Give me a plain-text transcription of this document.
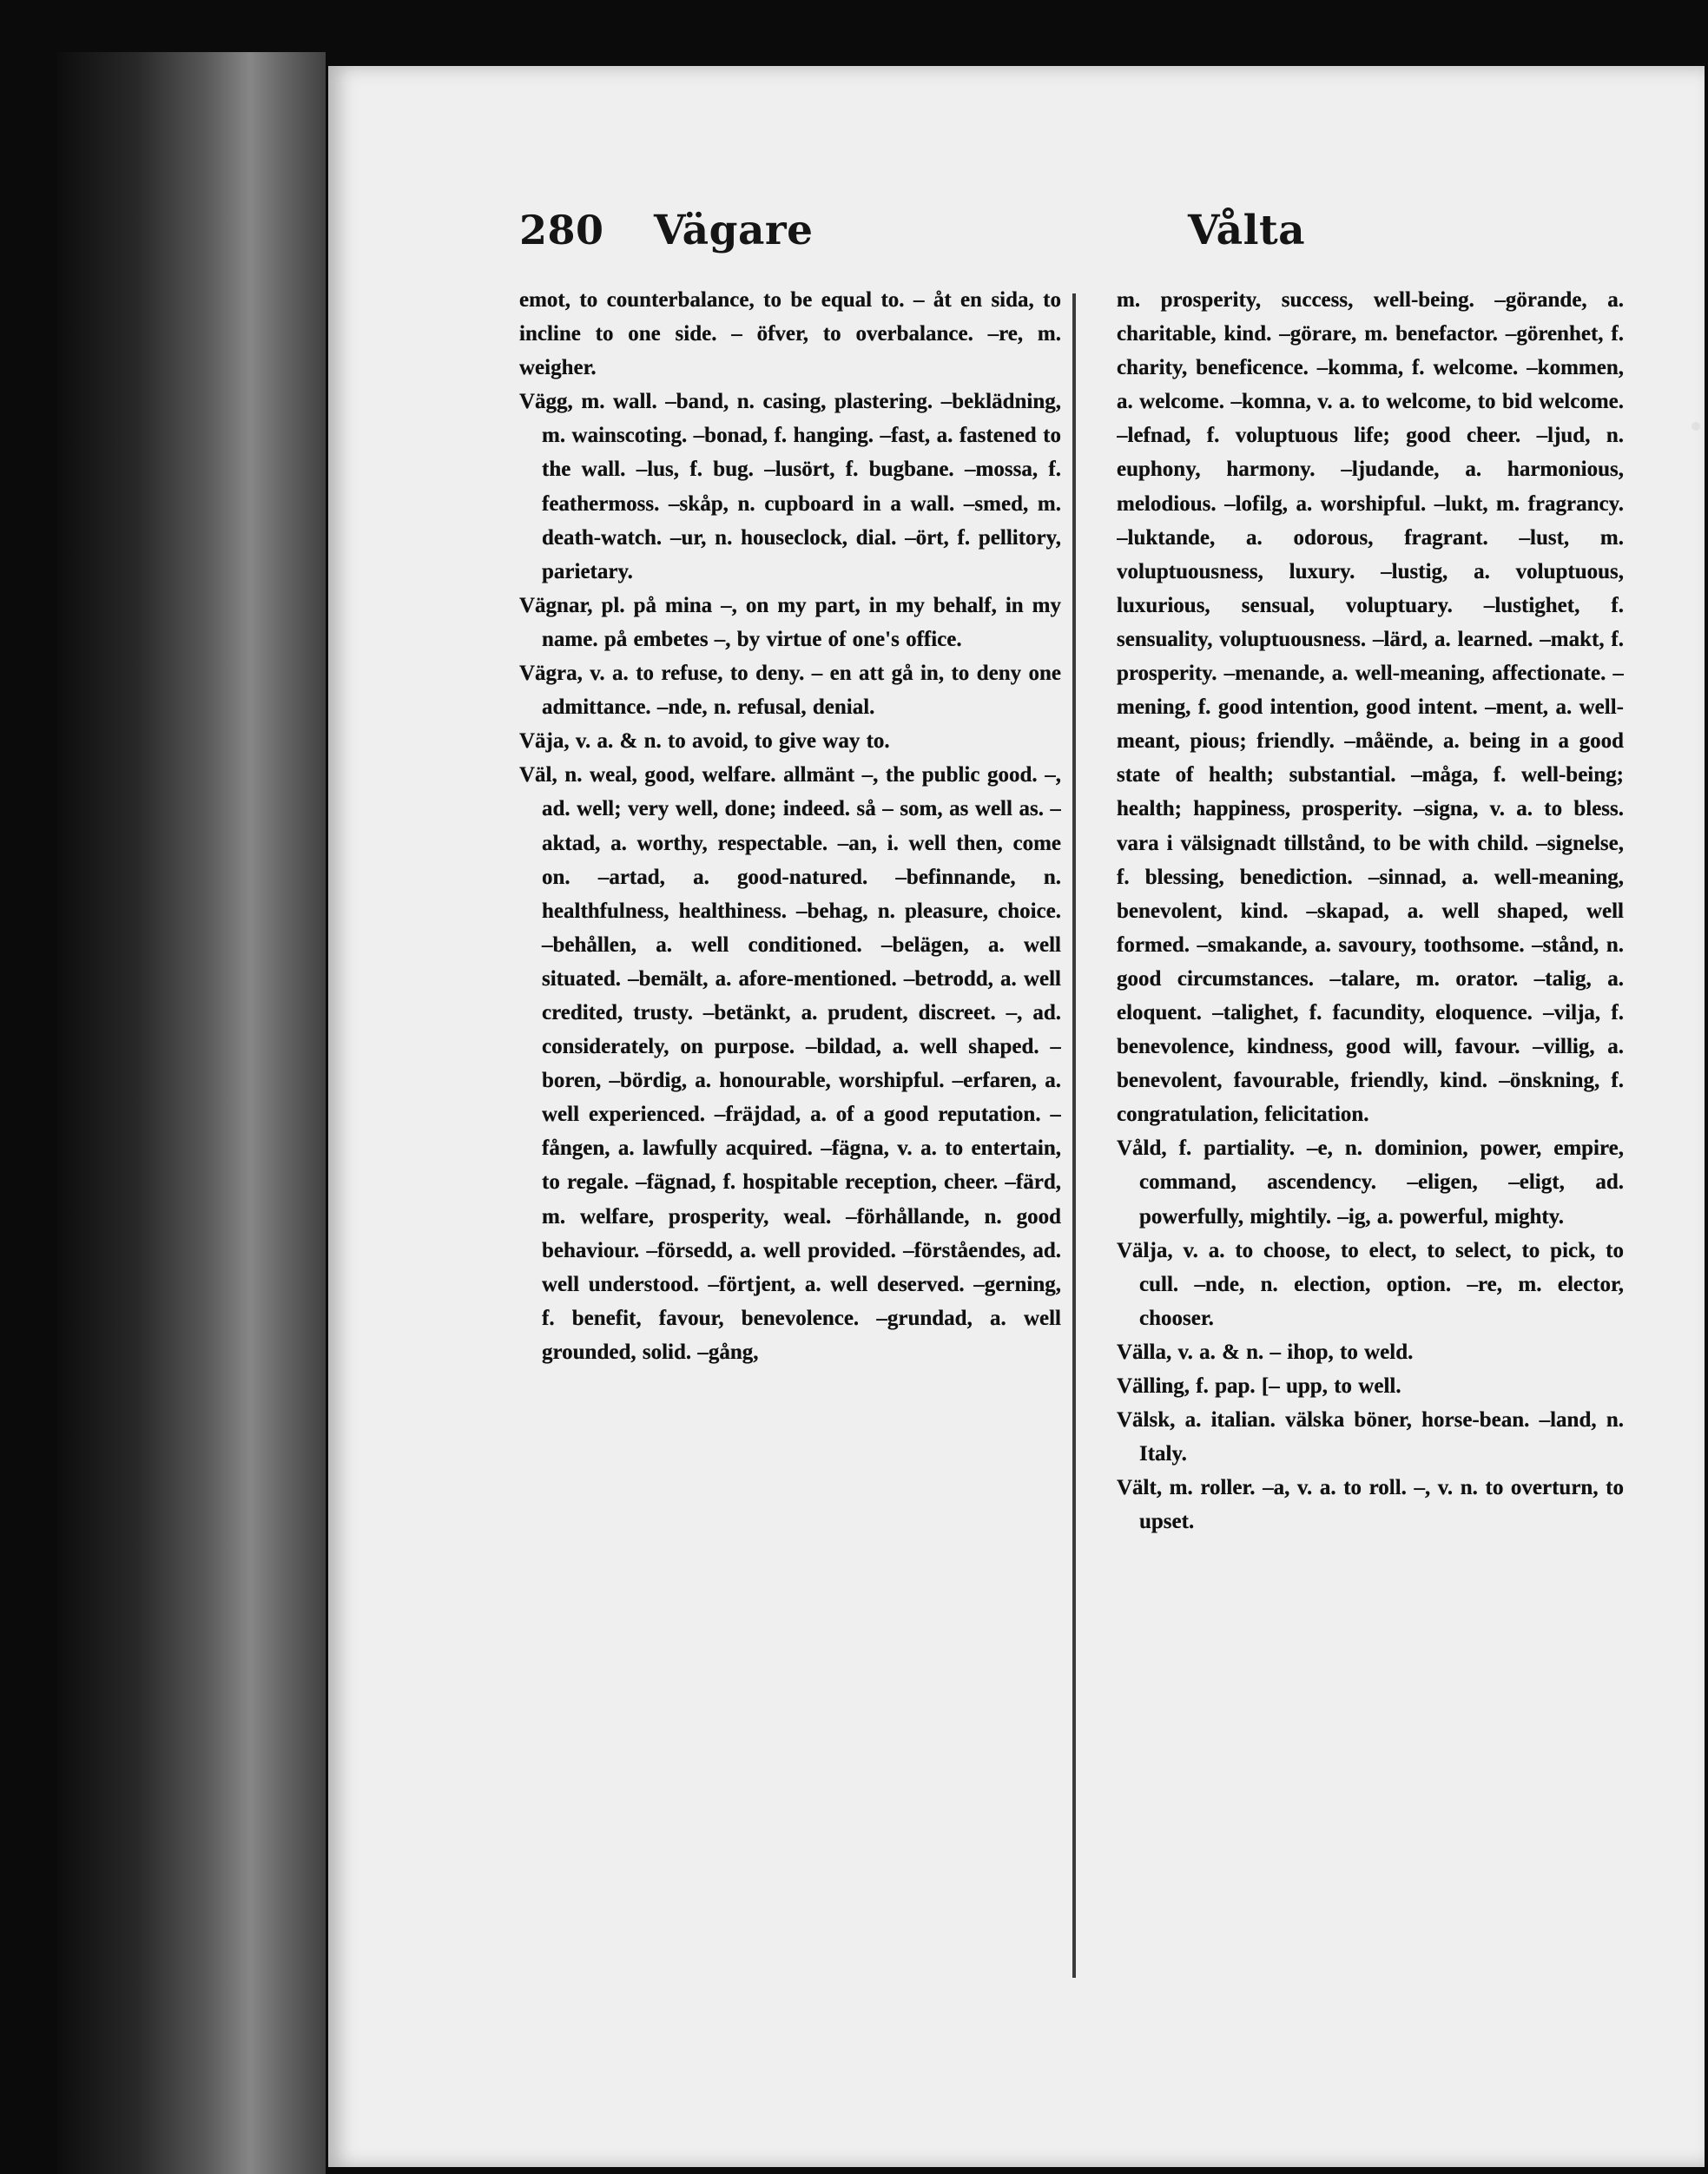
280	Vägare	Vålta

emot, to counterbalance, to be equal to. – åt en sida, to incline to one side. – öfver, to overbalance. –re, m. weigher.

Vägg, m. wall. –band, n. casing, plastering. –beklädning, m. wainscoting. –bonad, f. hanging. –fast, a. fastened to the wall. –lus, f. bug. –lusört, f. bugbane. –mossa, f. feathermoss. –skåp, n. cupboard in a wall. –smed, m. death-watch. –ur, n. houseclock, dial. –ört, f. pellitory, parietary.

Vägnar, pl. på mina –, on my part, in my behalf, in my name. på embetes –, by virtue of one's office.

Vägra, v. a. to refuse, to deny. – en att gå in, to deny one admittance. –nde, n. refusal, denial.

Väja, v. a. & n. to avoid, to give way to.

Väl, n. weal, good, welfare. allmänt –, the public good. –, ad. well; very well, done; indeed. så – som, as well as. –aktad, a. worthy, respectable. –an, i. well then, come on. –artad, a. good-natured. –befinnande, n. healthfulness, healthiness. –behag, n. pleasure, choice. –behållen, a. well conditioned. –belägen, a. well situated. –bemält, a. afore-mentioned. –betrodd, a. well credited, trusty. –betänkt, a. prudent, discreet. –, ad. considerately, on purpose. –bildad, a. well shaped. –boren, –bördig, a. honourable, worshipful. –erfaren, a. well experienced. –fräjdad, a. of a good reputation. –fången, a. lawfully acquired. –fägna, v. a. to entertain, to regale. –fägnad, f. hospitable reception, cheer. –färd, m. welfare, prosperity, weal. –förhållande, n. good behaviour. –försedd, a. well provided. –förståendes, ad. well understood. –förtjent, a. well deserved. –gerning, f. benefit, favour, benevolence. –grundad, a. well grounded, solid. –gång,

m. prosperity, success, well-being. –görande, a. charitable, kind. –görare, m. benefactor. –görenhet, f. charity, beneficence. –komma, f. welcome. –kommen, a. welcome. –komna, v. a. to welcome, to bid welcome. –lefnad, f. voluptuous life; good cheer. –ljud, n. euphony, harmony. –ljudande, a. harmonious, melodious. –lofilg, a. worshipful. –lukt, m. fragrancy. –luktande, a. odorous, fragrant. –lust, m. voluptuousness, luxury. –lustig, a. voluptuous, luxurious, sensual, voluptuary. –lustighet, f. sensuality, voluptuousness. –lärd, a. learned. –makt, f. prosperity. –menande, a. well-meaning, affectionate. –mening, f. good intention, good intent. –ment, a. well-meant, pious; friendly. –måënde, a. being in a good state of health; substantial. –måga, f. well-being; health; happiness, prosperity. –signa, v. a. to bless. vara i välsignadt tillstånd, to be with child. –signelse, f. blessing, benediction. –sinnad, a. well-meaning, benevolent, kind. –skapad, a. well shaped, well formed. –smakande, a. savoury, toothsome. –stånd, n. good circumstances. –talare, m. orator. –talig, a. eloquent. –talighet, f. facundity, eloquence. –vilja, f. benevolence, kindness, good will, favour. –villig, a. benevolent, favourable, friendly, kind. –önskning, f. congratulation, felicitation.

Våld, f. partiality. –e, n. dominion, power, empire, command, ascendency. –eligen, –eligt, ad. powerfully, mightily. –ig, a. powerful, mighty.

Välja, v. a. to choose, to elect, to select, to pick, to cull. –nde, n. election, option. –re, m. elector, chooser.

Välla, v. a. & n. – ihop, to weld.

Välling, f. pap. [– upp, to well.

Välsk, a. italian. välska böner, horse-bean. –land, n. Italy.

Vält, m. roller. –a, v. a. to roll. –, v. n. to overturn, to upset.
